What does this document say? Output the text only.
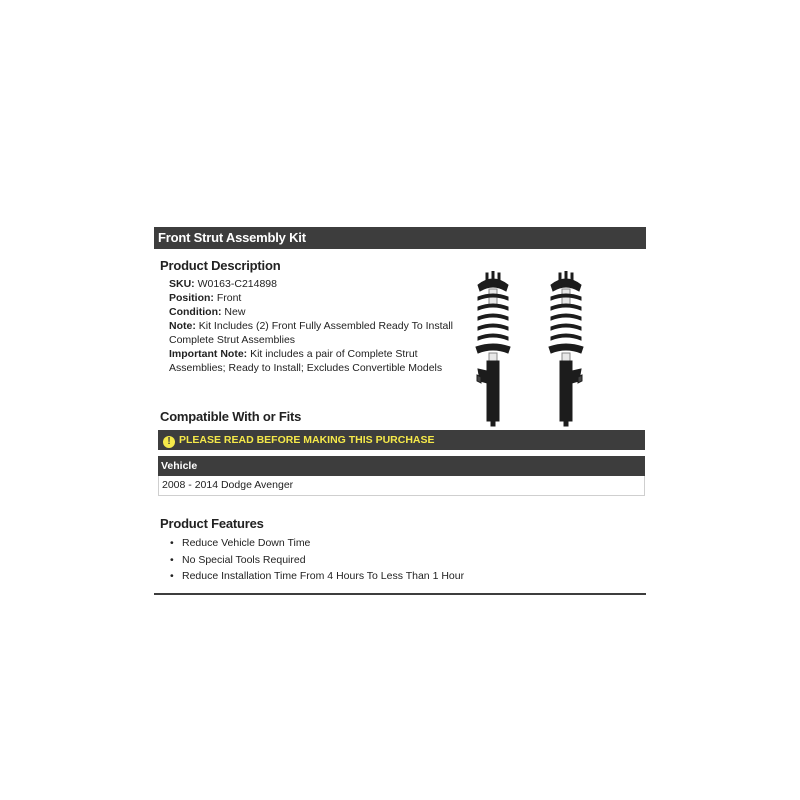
Front Strut Assembly Kit
Product Description
SKU: W0163-C214898
Position: Front
Condition: New
Note: Kit Includes (2) Front Fully Assembled Ready To Install
Complete Strut Assemblies
Important Note: Kit includes a pair of Complete Strut
Assemblies; Ready to Install; Excludes Convertible Models
Compatible With or Fits
! PLEASE READ BEFORE MAKING THIS PURCHASE
Vehicle
2008 - 2014 Dodge Avenger
Product Features
• Reduce Vehicle Down Time
• No Special Tools Required
• Reduce Installation Time From 4 Hours To Less Than 1 Hour
